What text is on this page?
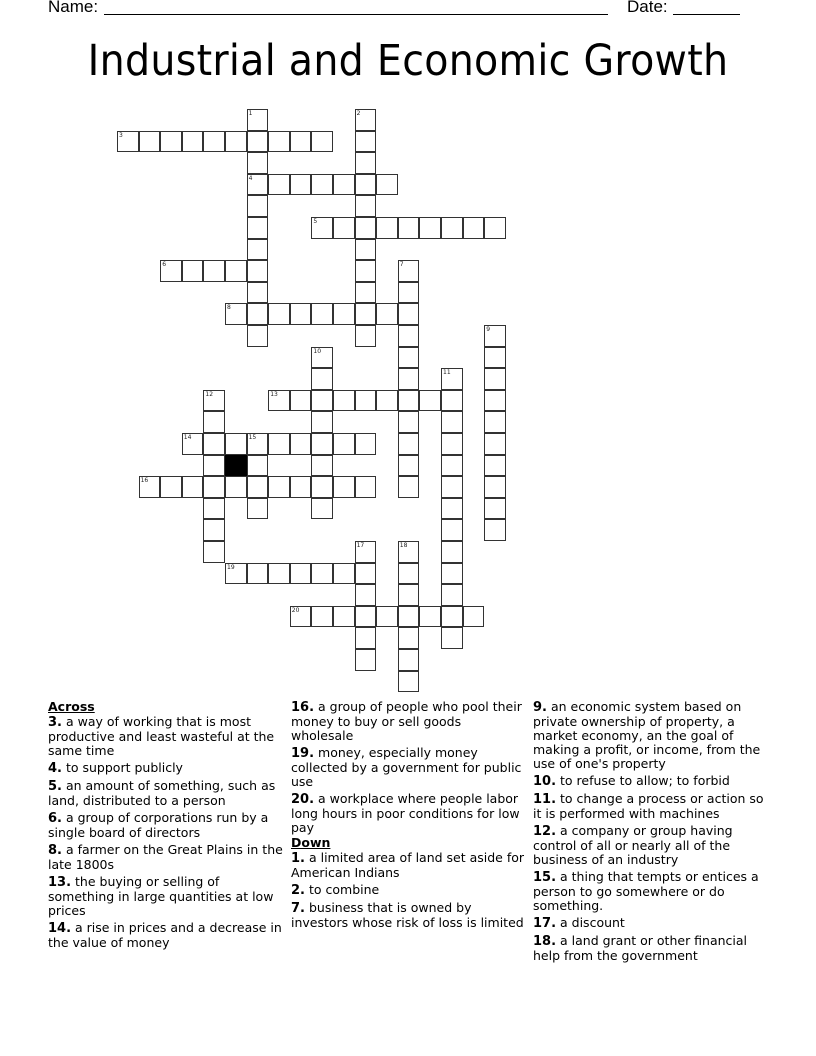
Name:	Date:
Industrial and Economic Growth
1
4
2
3
5
6	7
8
9
10
11
12	13
14	15
16
17	18
19
20
Across
3. a way of working that is most productive and least wasteful at the same time
4. to support publicly
5. an amount of something, such as land, distributed to a person
6. a group of corporations run by a single board of directors
8. a farmer on the Great Plains in the late 1800s
13. the buying or selling of something in large quantities at low prices
14. a rise in prices and a decrease in the value of money
16. a group of people who pool their money to buy or sell goods wholesale
19. money, especially money collected by a government for public use
20. a workplace where people labor long hours in poor conditions for low pay
Down
1. a limited area of land set aside for American Indians
2. to combine
7. business that is owned by investors whose risk of loss is limited
9. an economic system based on private ownership of property, a market economy, an the goal of making a profit, or income, from the use of one's property
10. to refuse to allow; to forbid
11. to change a process or action so it is performed with machines
12. a company or group having control of all or nearly all of the business of an industry
15. a thing that tempts or entices a person to go somewhere or do something.
17. a discount
18. a land grant or other financial help from the government
